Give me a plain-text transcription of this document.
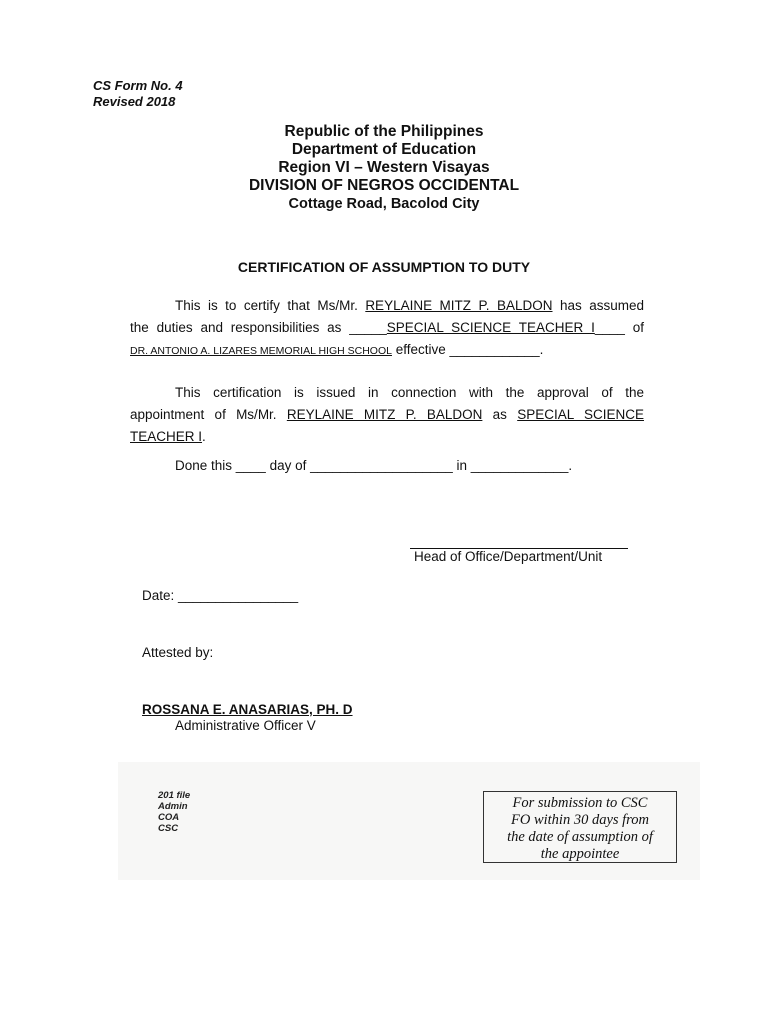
CS Form No. 4
Revised 2018
Republic of the Philippines
Department of Education
Region VI – Western Visayas
DIVISION OF NEGROS OCCIDENTAL
Cottage Road, Bacolod City
CERTIFICATION OF ASSUMPTION TO DUTY
This is to certify that Ms/Mr. REYLAINE MITZ P. BALDON has assumed
the duties and responsibilities as _____SPECIAL SCIENCE TEACHER I____ of
DR. ANTONIO A. LIZARES MEMORIAL HIGH SCHOOL effective ____________.
This certification is issued in connection with the approval of the
appointment of Ms/Mr. REYLAINE MITZ P. BALDON as SPECIAL SCIENCE
TEACHER I.
Done this ____ day of ___________________ in _____________.
Head of Office/Department/Unit
Date: ________________
Attested by:
ROSSANA E. ANASARIAS, PH. D
Administrative Officer V
201 file
Admin
COA
CSC
For submission to CSC
FO within 30 days from
the date of assumption of
the appointee
